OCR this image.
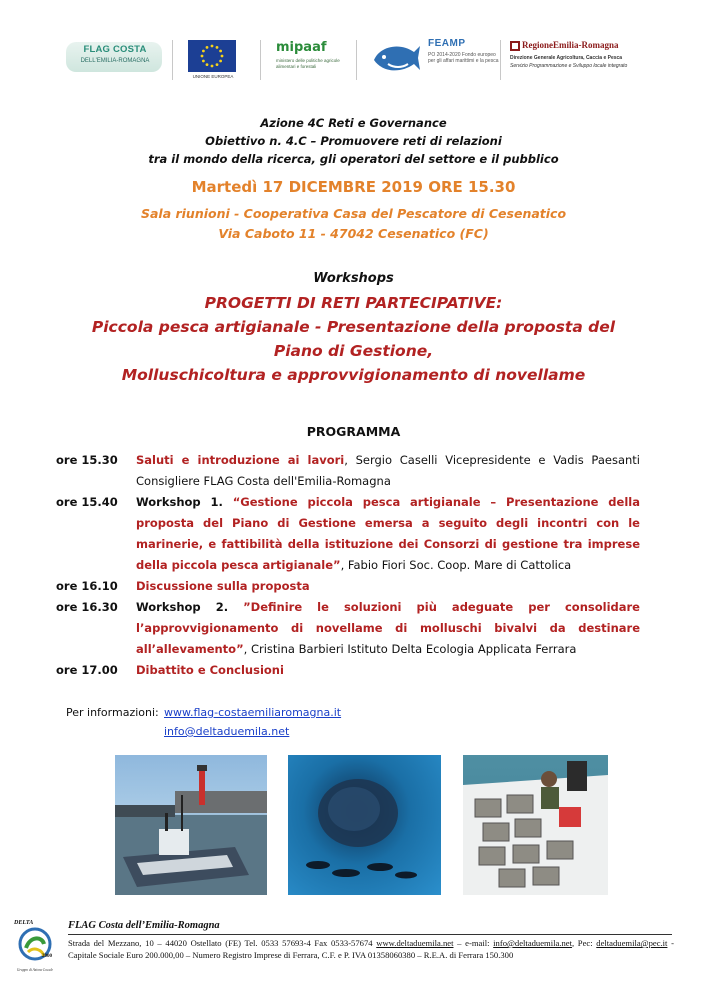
FLAG COSTA
DELL'EMILIA-ROMAGNA
UNIONE EUROPEA
mipaaf
ministero delle politiche agricole alimentari e forestali
FEAMP
PO 2014-2020 Fondo europeo per gli affari marittimi e la pesca
RegioneEmilia-Romagna
Direzione Generale Agricoltura, Caccia e Pesca
Servizio Programmazione e Sviluppo locale integrato
Azione 4C Reti e Governance
Obiettivo n. 4.C – Promuovere reti di relazioni
tra il mondo della ricerca, gli operatori del settore e il pubblico
Martedì 17 DICEMBRE 2019 ORE 15.30
Sala riunioni - Cooperativa Casa del Pescatore di Cesenatico
Via Caboto 11 - 47042 Cesenatico (FC)
Workshops
PROGETTI DI RETI PARTECIPATIVE:
Piccola pesca artigianale - Presentazione della proposta del
Piano di Gestione,
Molluschicoltura e approvvigionamento di novellame
PROGRAMMA
ore 15.30 Saluti e introduzione ai lavori, Sergio Caselli Vicepresidente e Vadis Paesanti Consigliere FLAG Costa dell'Emilia-Romagna
ore 15.40 Workshop 1. “Gestione piccola pesca artigianale – Presentazione della proposta del Piano di Gestione emersa a seguito degli incontri con le marinerie, e fattibilità della istituzione dei Consorzi di gestione tra imprese della piccola pesca artigianale”, Fabio Fiori Soc. Coop. Mare di Cattolica
ore 16.10 Discussione sulla proposta
ore 16.30 Workshop 2. ”Definire le soluzioni più adeguate per consolidare l’approvvigionamento di novellame di molluschi bivalvi da destinare all’allevamento”, Cristina Barbieri Istituto Delta Ecologia Applicata Ferrara
ore 17.00 Dibattito e Conclusioni
Per informazioni: www.flag-costaemiliaromagna.it
info@deltaduemila.net
DELTA
2000
Gruppo di Azione Locale
FLAG Costa dell’Emilia-Romagna
Strada del Mezzano, 10 – 44020 Ostellato (FE) Tel. 0533 57693-4 Fax 0533-57674 www.deltaduemila.net – e-mail: info@deltaduemila.net, Pec: deltaduemila@pec.it - Capitale Sociale Euro 200.000,00 – Numero Registro Imprese di Ferrara, C.F. e P. IVA 01358060380 – R.E.A. di Ferrara 150.300
